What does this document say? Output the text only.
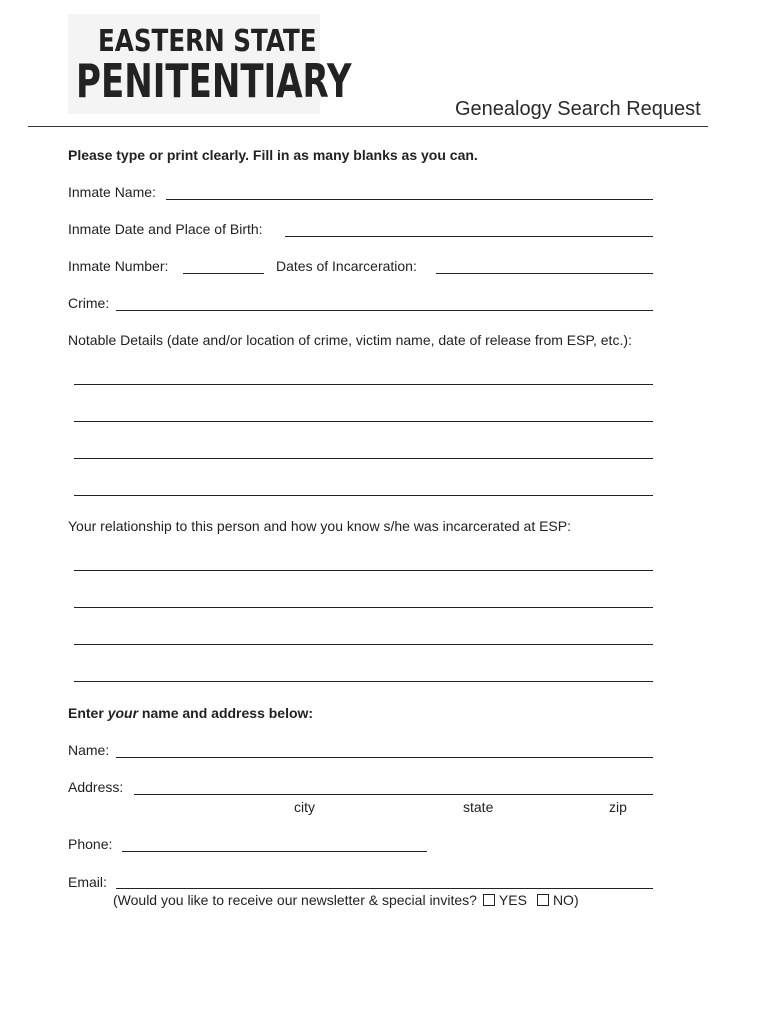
EASTERN STATE
PENITENTIARY
Genealogy Search Request
Please type or print clearly. Fill in as many blanks as you can.
Inmate Name:
Inmate Date and Place of Birth:
Inmate Number:	Dates of Incarceration:
Crime:
Notable Details (date and/or location of crime, victim name, date of release from ESP, etc.):
Your relationship to this person and how you know s/he was incarcerated at ESP:
Enter your name and address below:
Name:
Address:
city	state	zip
Phone:
Email:
(Would you like to receive our newsletter & special invites? YES NO)
